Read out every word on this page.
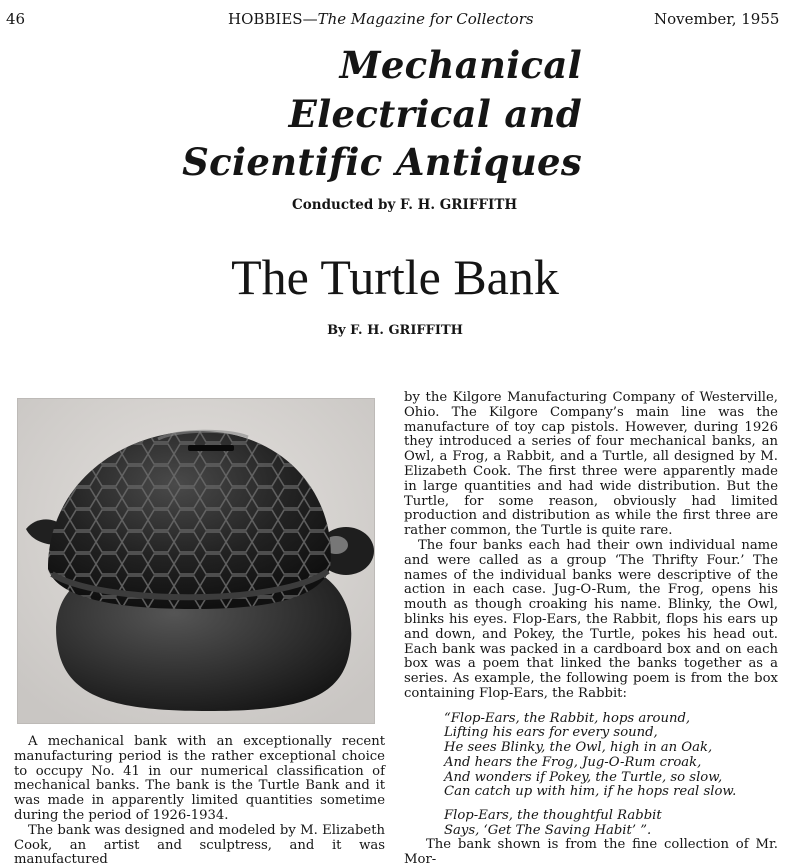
46	HOBBIES—The Magazine for Collectors	November, 1955
Mechanical
Electrical and
Scientific Antiques
Conducted by F. H. GRIFFITH
The Turtle Bank
By F. H. GRIFFITH

A mechanical bank with an exceptionally recent manufacturing period is the rather exceptional choice to occupy No. 41 in our numerical classification of mechanical banks. The bank is the Turtle Bank and it was made in apparently limited quantities sometime during the period of 1926-1934.

The bank was designed and modeled by M. Elizabeth Cook, an artist and sculptress, and it was manufactured

by the Kilgore Manufacturing Company of Westerville, Ohio. The Kilgore Company’s main line was the manufacture of toy cap pistols. However, during 1926 they introduced a series of four mechanical banks, an Owl, a Frog, a Rabbit, and a Turtle, all designed by M. Elizabeth Cook. The first three were apparently made in large quantities and had wide distribution. But the Turtle, for some reason, obviously had limited production and distribution as while the first three are rather common, the Turtle is quite rare.

The four banks each had their own individual name and were called as a group ‘The Thrifty Four.’ The names of the individual banks were descriptive of the action in each case. Jug-O-Rum, the Frog, opens his mouth as though croaking his name. Blinky, the Owl, blinks his eyes. Flop-Ears, the Rabbit, flops his ears up and down, and Pokey, the Turtle, pokes his head out. Each bank was packed in a cardboard box and on each box was a poem that linked the banks together as a series. As example, the following poem is from the box containing Flop-Ears, the Rabbit:

“Flop-Ears, the Rabbit, hops around,
Lifting his ears for every sound,
He sees Blinky, the Owl, high in an Oak,
And hears the Frog, Jug-O-Rum croak,
And wonders if Pokey, the Turtle, so slow,
Can catch up with him, if he hops real slow.
Flop-Ears, the thoughtful Rabbit
Says, ‘Get The Saving Habit’ ”.

The bank shown is from the fine collection of Mr. Mor-
